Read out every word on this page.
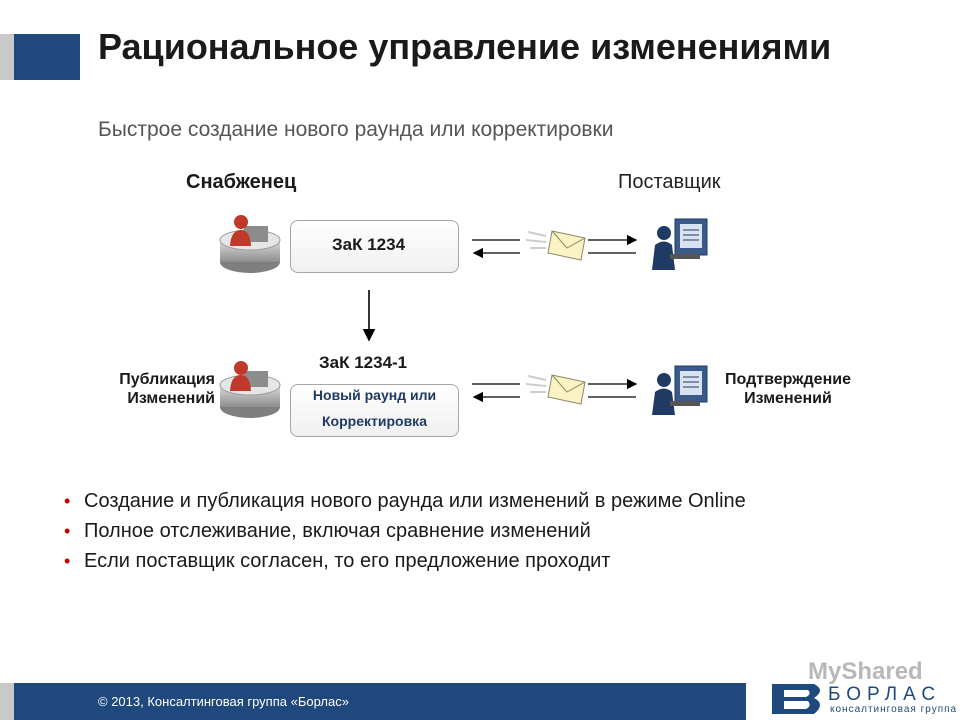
Рациональное управление изменениями
Быстрое создание нового раунда или корректировки
Снабженец	Поставщик
ЗаК 1234
ЗаК 1234-1
Новый раунд или
Корректировка
Публикация Изменений
Подтверждение Изменений
• Создание и публикация нового раунда или изменений в режиме Online
• Полное отслеживание, включая сравнение изменений
• Если поставщик согласен, то его предложение проходит
© 2013, Консалтинговая группа «Борлас»
MyShared
БОРЛАС
консалтинговая группа
